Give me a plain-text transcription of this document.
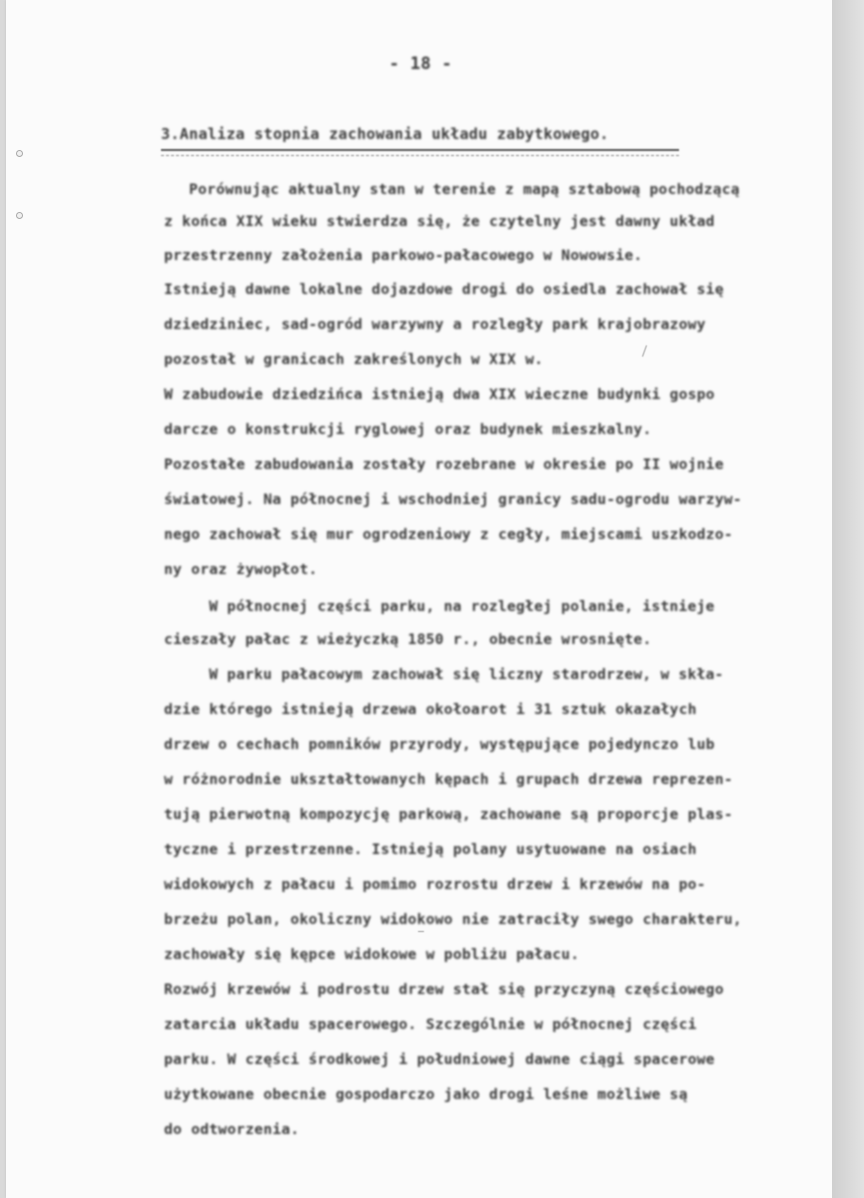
- 18 -
3.Analiza stopnia zachowania układu zabytkowego.
Porównując aktualny stan w terenie z mapą sztabową pochodzącą
z końca XIX wieku stwierdza się, że czytelny jest dawny układ
przestrzenny założenia parkowo-pałacowego w Nowowsie.
Istnieją dawne lokalne dojazdowe drogi do osiedla zachował się
dziedziniec, sad-ogród warzywny a rozległy park krajobrazowy
pozostał w granicach zakreślonych w XIX w.
W zabudowie dziedzińca istnieją dwa XIX wieczne budynki gospo
darcze o konstrukcji ryglowej oraz budynek mieszkalny.
Pozostałe zabudowania zostały rozebrane w okresie po II wojnie
światowej. Na północnej i wschodniej granicy sadu-ogrodu warzyw-
nego zachował się mur ogrodzeniowy z cegły, miejscami uszkodzo-
ny oraz żywopłot.
W północnej części parku, na rozległej polanie, istnieje
cieszały pałac z wieżyczką 1850 r., obecnie wrosnięte.
W parku pałacowym zachował się liczny starodrzew, w skła-
dzie którego istnieją drzewa okołoarot i 31 sztuk okazałych
drzew o cechach pomników przyrody, występujące pojedynczo lub
w różnorodnie ukształtowanych kępach i grupach drzewa reprezen-
tują pierwotną kompozycję parkową, zachowane są proporcje plas-
tyczne i przestrzenne. Istnieją polany usytuowane na osiach
widokowych z pałacu i pomimo rozrostu drzew i krzewów na po-
brzeżu polan, okoliczny widokowo nie zatraciły swego charakteru,
zachowały się kępce widokowe w pobliżu pałacu.
Rozwój krzewów i podrostu drzew stał się przyczyną częściowego
zatarcia układu spacerowego. Szczególnie w północnej części
parku. W części środkowej i południowej dawne ciągi spacerowe
użytkowane obecnie gospodarczo jako drogi leśne możliwe są
do odtworzenia.
